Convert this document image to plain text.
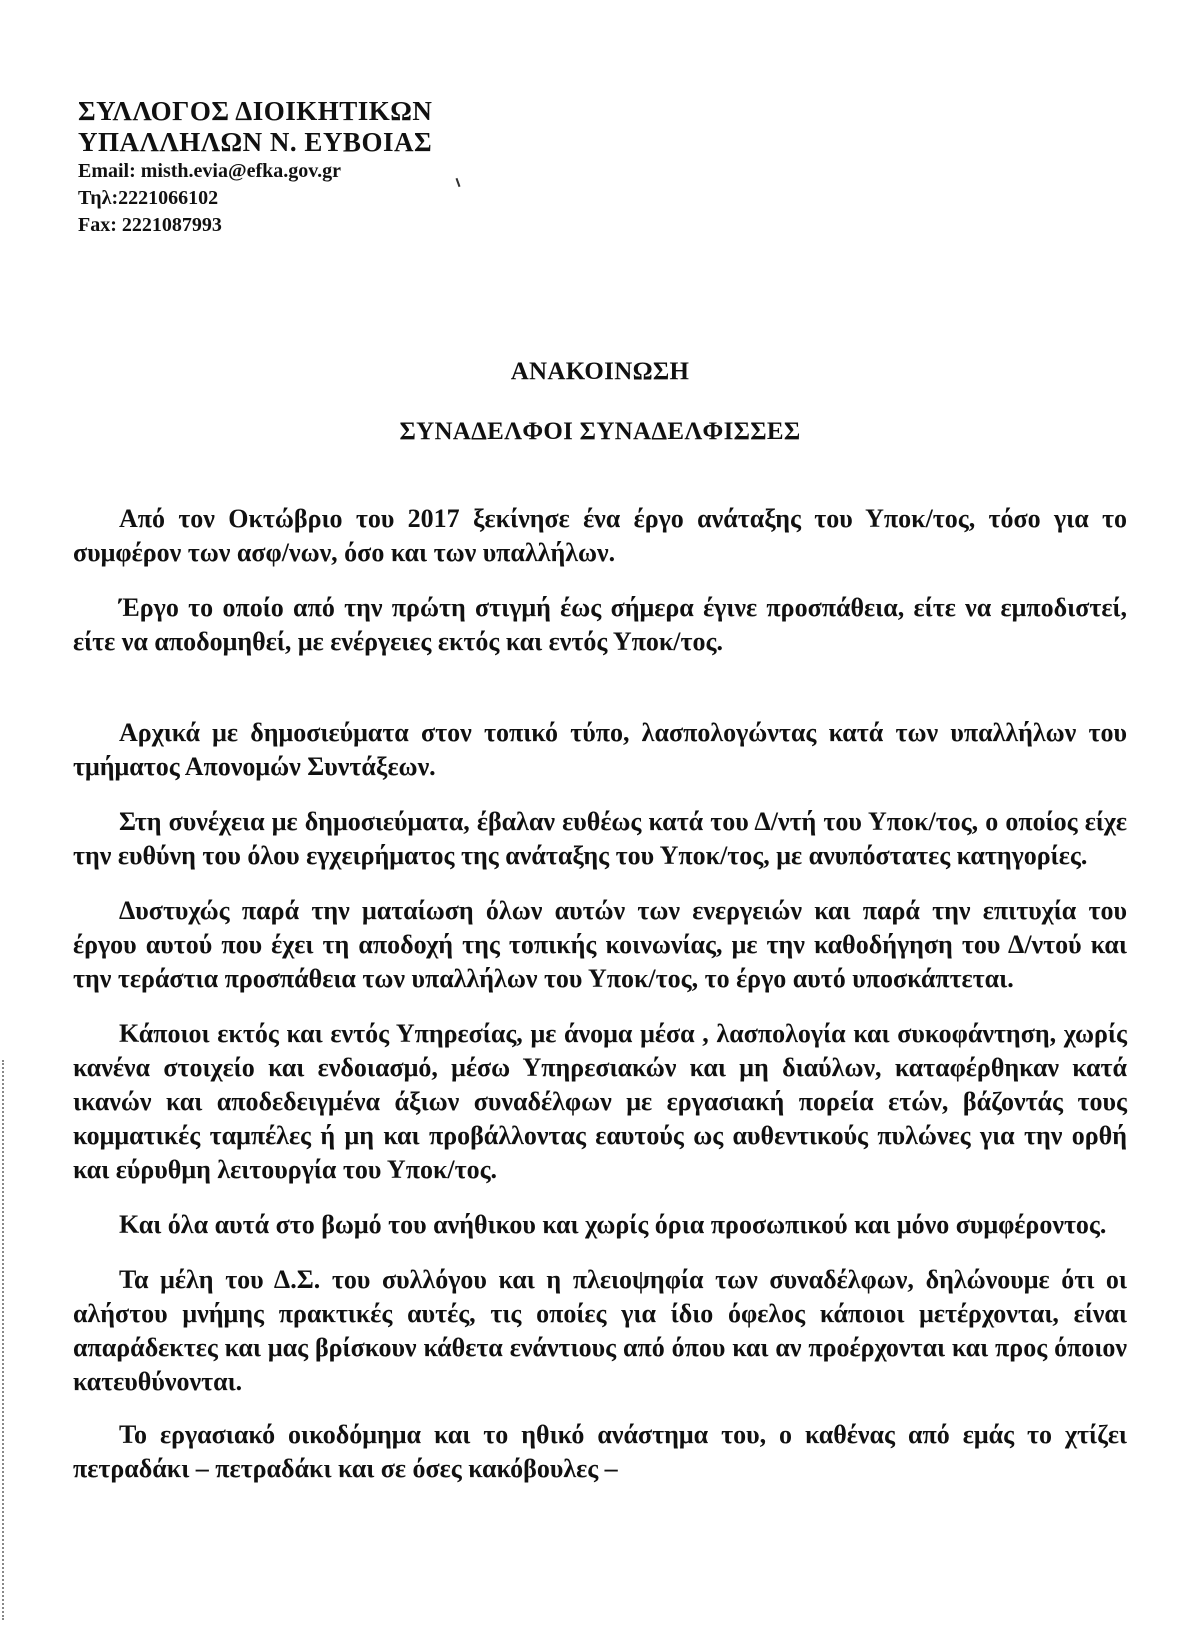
ΣΥΛΛΟΓΟΣ ΔΙΟΙΚΗΤΙΚΩΝ
ΥΠΑΛΛΗΛΩΝ Ν. ΕΥΒΟΙΑΣ
Email: misth.evia@efka.gov.gr
Τηλ:2221066102
Fax: 2221087993
ΑΝΑΚΟΙΝΩΣΗ
ΣΥΝΑΔΕΛΦΟΙ ΣΥΝΑΔΕΛΦΙΣΣΕΣ

Από τον Οκτώβριο του 2017 ξεκίνησε ένα έργο ανάταξης του Υποκ/τος, τόσο για το συμφέρον των ασφ/νων, όσο και των υπαλλήλων.

Έργο το οποίο από την πρώτη στιγμή έως σήμερα έγινε προσπάθεια, είτε να εμποδιστεί, είτε να αποδομηθεί, με ενέργειες εκτός και εντός Υποκ/τος.

Αρχικά με δημοσιεύματα στον τοπικό τύπο, λασπολογώντας κατά των υπαλλήλων του τμήματος Απονομών Συντάξεων.

Στη συνέχεια με δημοσιεύματα, έβαλαν ευθέως κατά του Δ/ντή του Υποκ/τος, ο οποίος είχε την ευθύνη του όλου εγχειρήματος της ανάταξης του Υποκ/τος, με ανυπόστατες κατηγορίες.

Δυστυχώς παρά την ματαίωση όλων αυτών των ενεργειών και παρά την επιτυχία του έργου αυτού που έχει τη αποδοχή της τοπικής κοινωνίας, με την καθοδήγηση του Δ/ντού και την τεράστια προσπάθεια των υπαλλήλων του Υποκ/τος, το έργο αυτό υποσκάπτεται.

Κάποιοι εκτός και εντός Υπηρεσίας, με άνομα μέσα , λασπολογία και συκοφάντηση, χωρίς κανένα στοιχείο και ενδοιασμό, μέσω Υπηρεσιακών και μη διαύλων, καταφέρθηκαν κατά ικανών και αποδεδειγμένα άξιων συναδέλφων με εργασιακή πορεία ετών, βάζοντάς τους κομματικές ταμπέλες ή μη και προβάλλοντας εαυτούς ως αυθεντικούς πυλώνες για την ορθή και εύρυθμη λειτουργία του Υποκ/τος.

Και όλα αυτά στο βωμό του ανήθικου και χωρίς όρια προσωπικού και μόνο συμφέροντος.

Τα μέλη του Δ.Σ. του συλλόγου και η πλειοψηφία των συναδέλφων, δηλώνουμε ότι οι αλήστου μνήμης πρακτικές αυτές, τις οποίες για ίδιο όφελος κάποιοι μετέρχονται, είναι απαράδεκτες και μας βρίσκουν κάθετα ενάντιους από όπου και αν προέρχονται και προς όποιον κατευθύνονται.

Το εργασιακό οικοδόμημα και το ηθικό ανάστημα του, ο καθένας από εμάς το χτίζει πετραδάκι – πετραδάκι και σε όσες κακόβουλες –
